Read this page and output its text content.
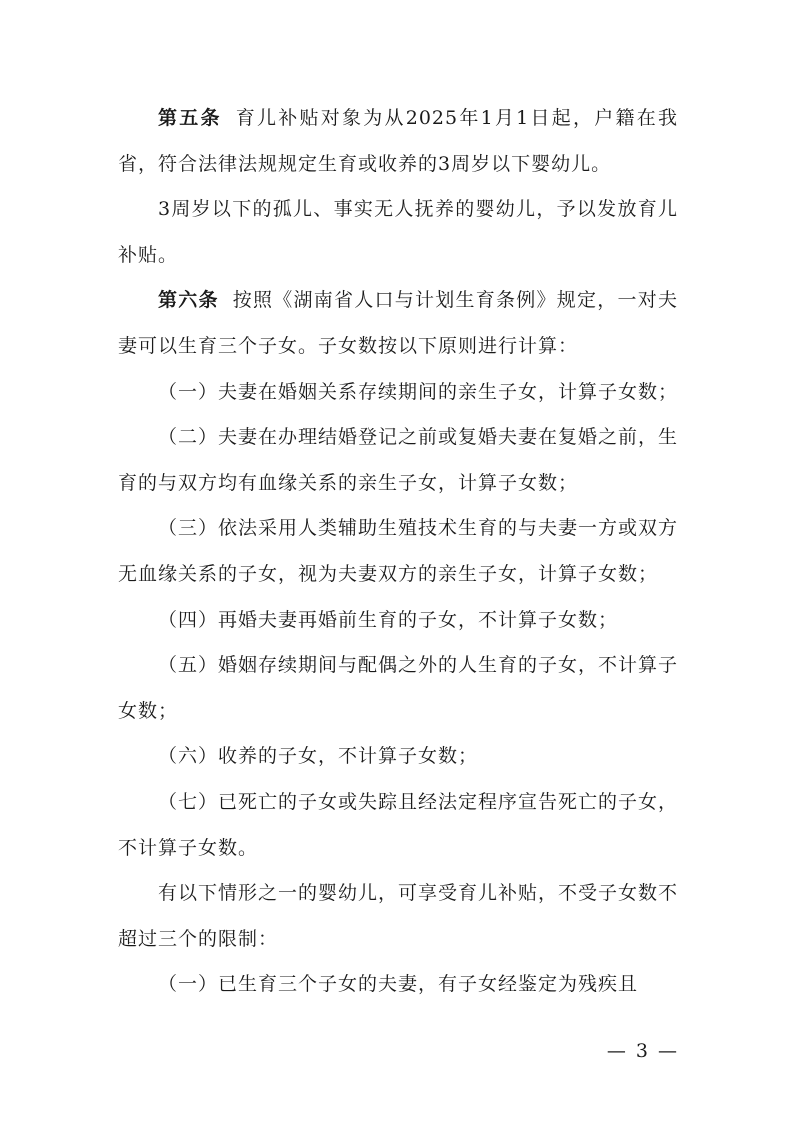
第五条 育儿补贴对象为从2025年1月1日起，户籍在我省，符合法律法规规定生育或收养的3周岁以下婴幼儿。

3周岁以下的孤儿、事实无人抚养的婴幼儿，予以发放育儿补贴。

第六条 按照《湖南省人口与计划生育条例》规定，一对夫妻可以生育三个子女。子女数按以下原则进行计算：

（一）夫妻在婚姻关系存续期间的亲生子女，计算子女数；

（二）夫妻在办理结婚登记之前或复婚夫妻在复婚之前，生育的与双方均有血缘关系的亲生子女，计算子女数；

（三）依法采用人类辅助生殖技术生育的与夫妻一方或双方无血缘关系的子女，视为夫妻双方的亲生子女，计算子女数；

（四）再婚夫妻再婚前生育的子女，不计算子女数；

（五）婚姻存续期间与配偶之外的人生育的子女，不计算子女数；

（六）收养的子女，不计算子女数；

（七）已死亡的子女或失踪且经法定程序宣告死亡的子女，不计算子女数。

有以下情形之一的婴幼儿，可享受育儿补贴，不受子女数不超过三个的限制：

（一）已生育三个子女的夫妻，有子女经鉴定为残疾且

— 3 —
